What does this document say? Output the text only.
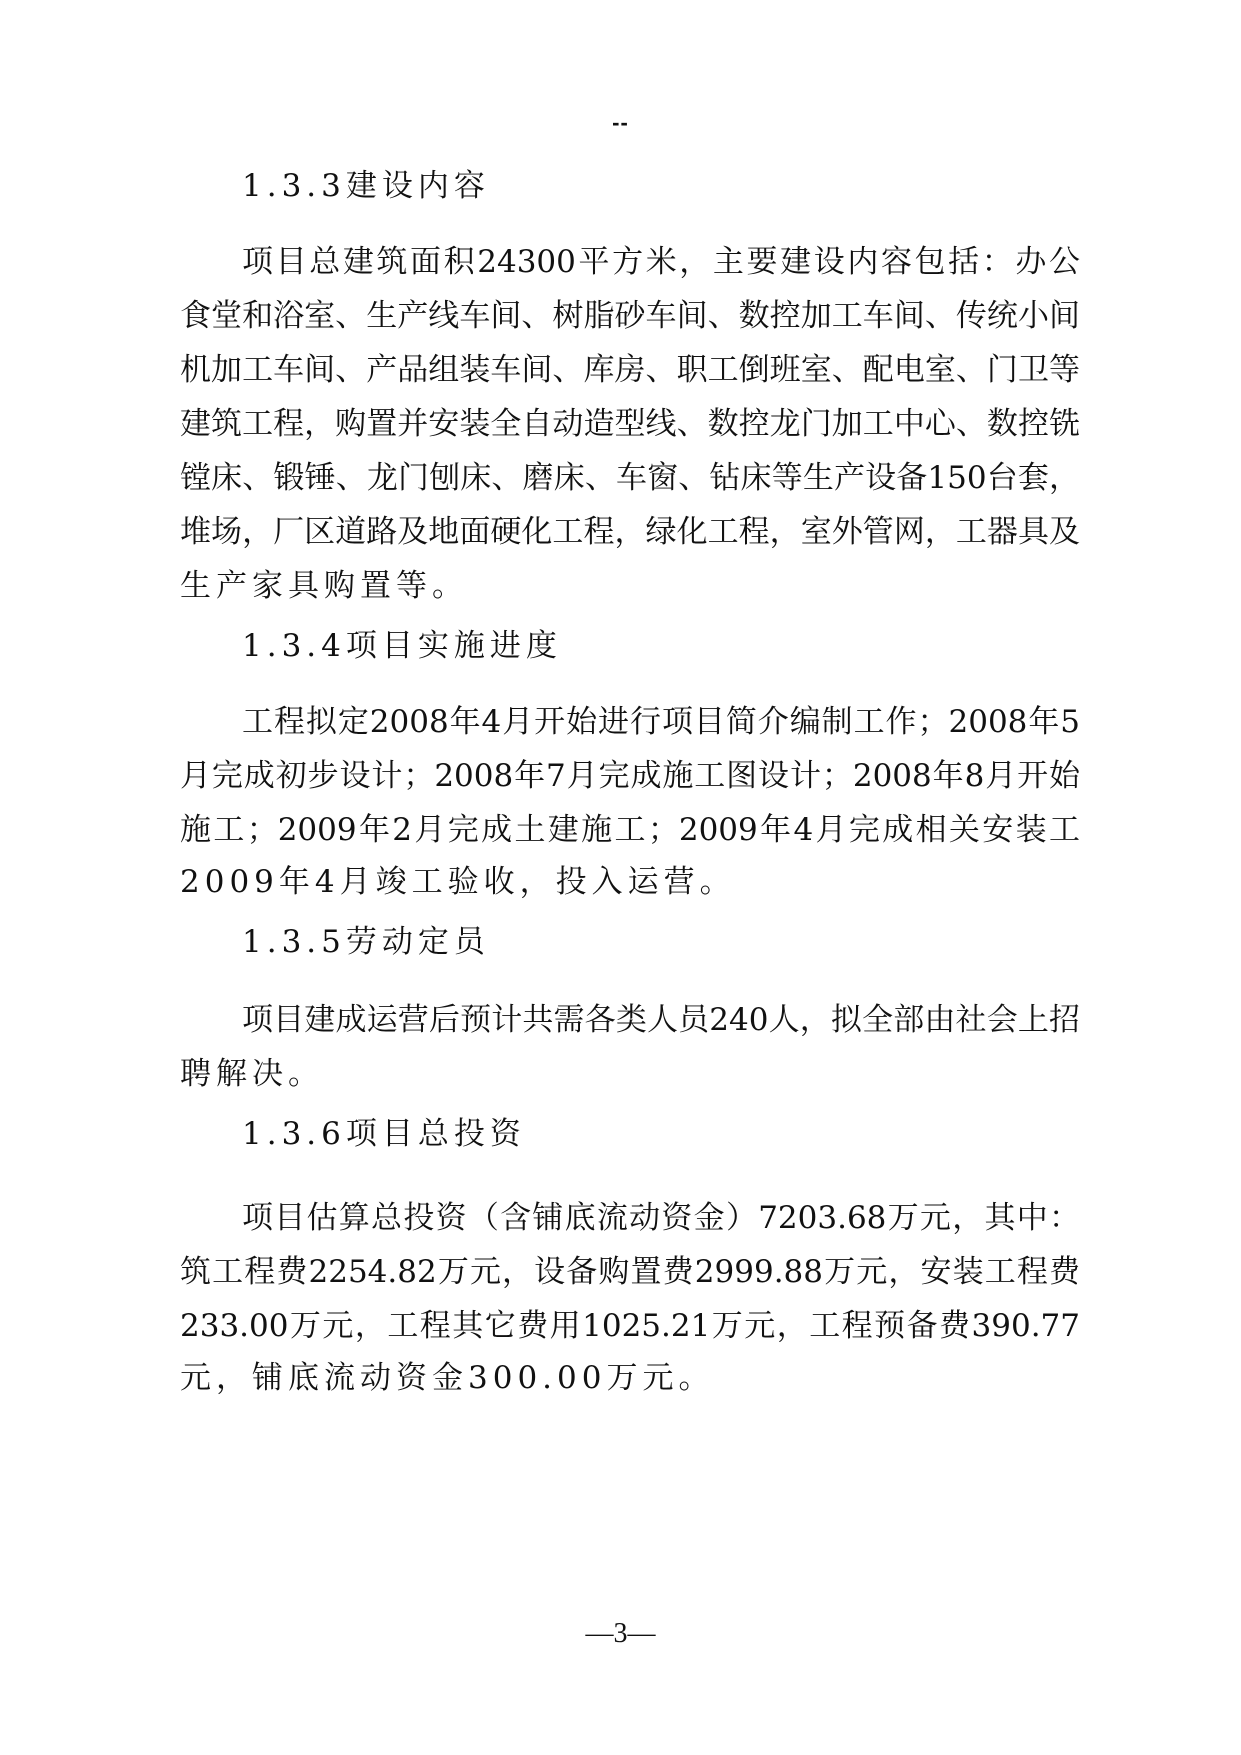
--
1.3.3建设内容
项目总建筑面积24300平方米，主要建设内容包括：办公
食堂和浴室、生产线车间、树脂砂车间、数控加工车间、传统小间
机加工车间、产品组装车间、库房、职工倒班室、配电室、门卫等
建筑工程，购置并安装全自动造型线、数控龙门加工中心、数控铣
镗床、锻锤、龙门刨床、磨床、车窗、钻床等生产设备150台套，
堆场，厂区道路及地面硬化工程，绿化工程，室外管网，工器具及
生产家具购置等。
1.3.4项目实施进度
工程拟定2008年4月开始进行项目简介编制工作；2008年5
月完成初步设计；2008年7月完成施工图设计；2008年8月开始
施工；2009年2月完成土建施工；2009年4月完成相关安装工
2009年4月竣工验收，投入运营。
1.3.5劳动定员
项目建成运营后预计共需各类人员240人，拟全部由社会上招
聘解决。
1.3.6项目总投资
项目估算总投资（含铺底流动资金）7203.68万元，其中：
筑工程费2254.82万元，设备购置费2999.88万元，安装工程费
233.00万元，工程其它费用1025.21万元，工程预备费390.77
元，铺底流动资金300.00万元。
—3—
